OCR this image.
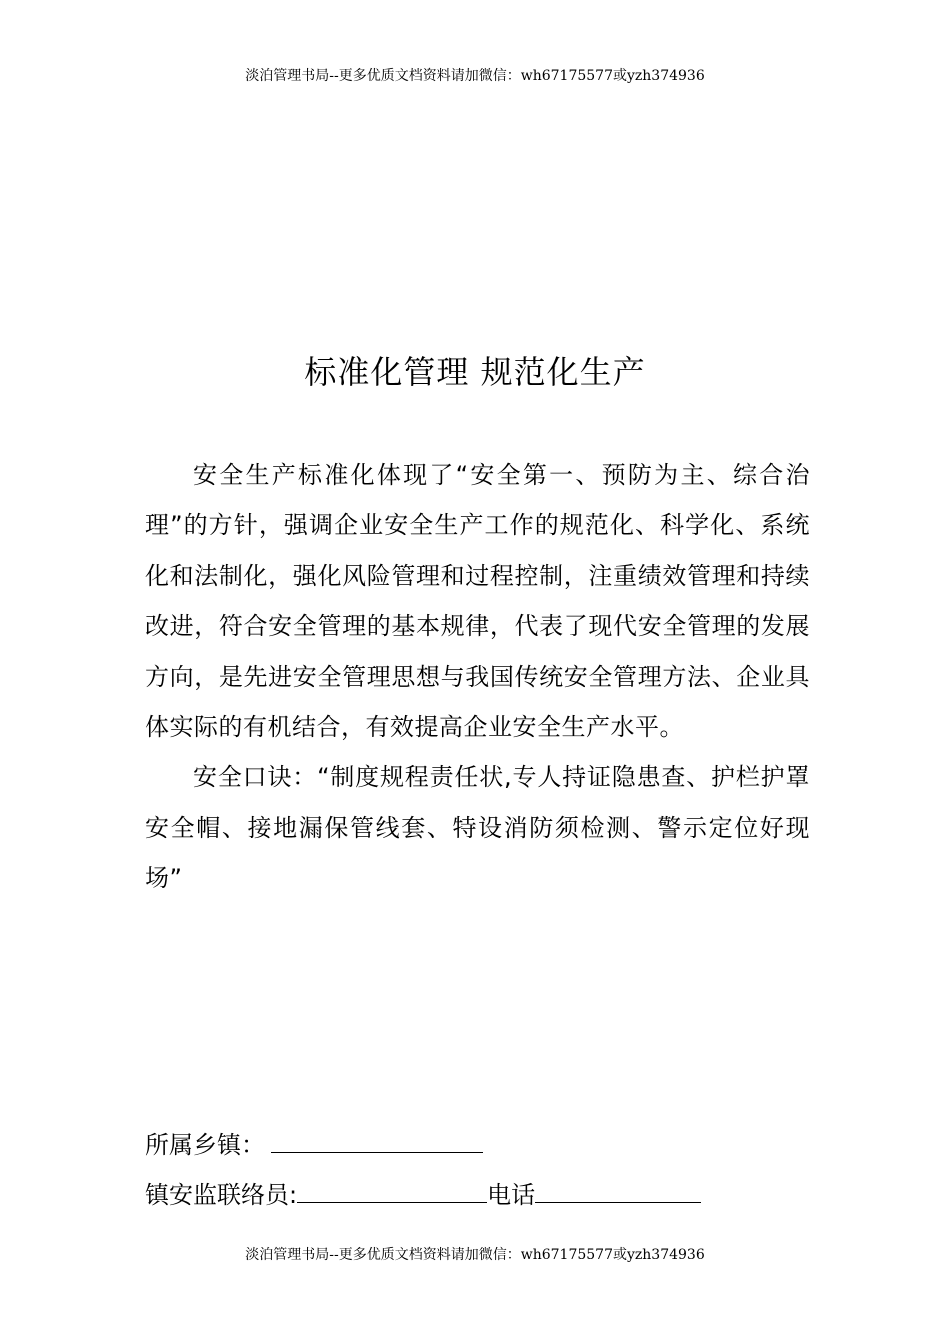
淡泊管理书局--更多优质文档资料请加微信：wh67175577或yzh374936
标准化管理 规范化生产

安全生产标准化体现了“安全第一、预防为主、综合治理”的方针，强调企业安全生产工作的规范化、科学化、系统化和法制化，强化风险管理和过程控制，注重绩效管理和持续改进，符合安全管理的基本规律，代表了现代安全管理的发展方向，是先进安全管理思想与我国传统安全管理方法、企业具体实际的有机结合，有效提高企业安全生产水平。

安全口诀：“制度规程责任状,专人持证隐患查、护栏护罩安全帽、接地漏保管线套、特设消防须检测、警示定位好现场”

所属乡镇：
镇安监联络员:	电话
淡泊管理书局--更多优质文档资料请加微信：wh67175577或yzh374936
